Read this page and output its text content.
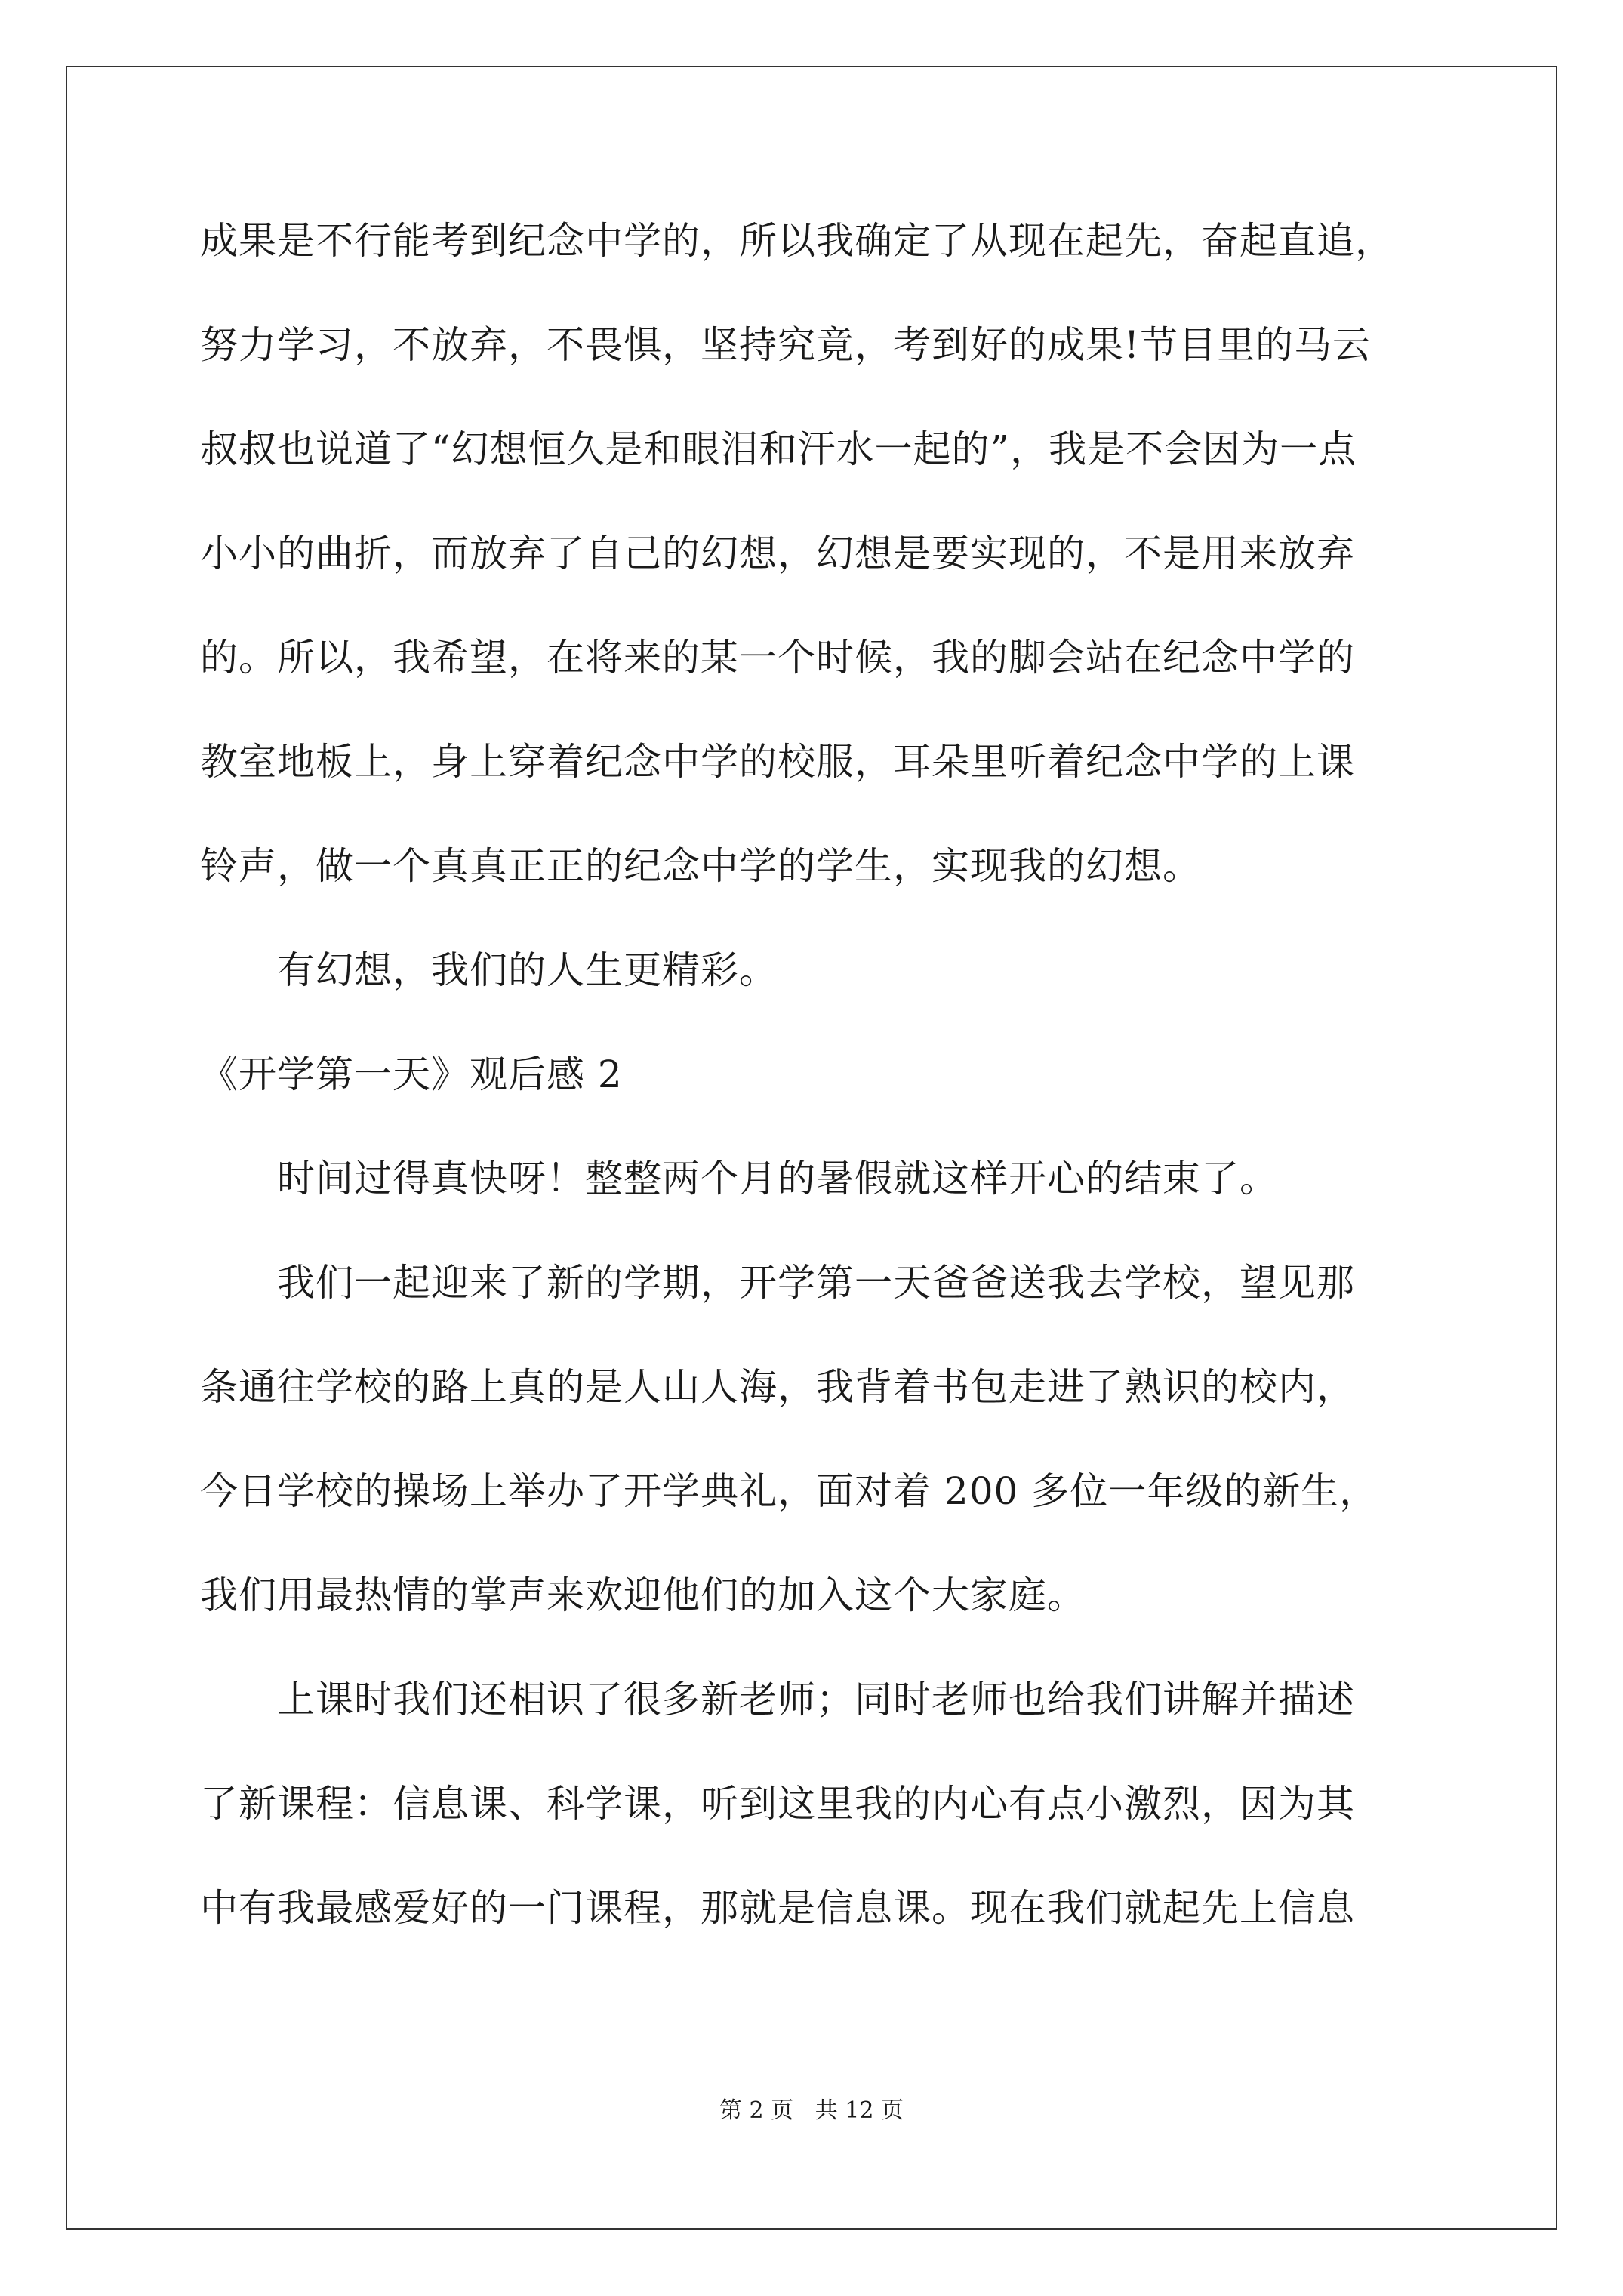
成果是不行能考到纪念中学的，所以我确定了从现在起先，奋起直追，
努力学习，不放弃，不畏惧，坚持究竟，考到好的成果!节目里的马云
叔叔也说道了“幻想恒久是和眼泪和汗水一起的”，我是不会因为一点
小小的曲折，而放弃了自己的幻想，幻想是要实现的，不是用来放弃
的。所以，我希望，在将来的某一个时候，我的脚会站在纪念中学的
教室地板上，身上穿着纪念中学的校服，耳朵里听着纪念中学的上课
铃声，做一个真真正正的纪念中学的学生，实现我的幻想。
有幻想，我们的人生更精彩。
《开学第一天》观后感 2
时间过得真快呀！整整两个月的暑假就这样开心的结束了。
我们一起迎来了新的学期，开学第一天爸爸送我去学校，望见那
条通往学校的路上真的是人山人海，我背着书包走进了熟识的校内，
今日学校的操场上举办了开学典礼，面对着 200 多位一年级的新生，
我们用最热情的掌声来欢迎他们的加入这个大家庭。
上课时我们还相识了很多新老师；同时老师也给我们讲解并描述
了新课程：信息课、科学课，听到这里我的内心有点小激烈，因为其
中有我最感爱好的一门课程，那就是信息课。现在我们就起先上信息
第 2 页   共 12 页
